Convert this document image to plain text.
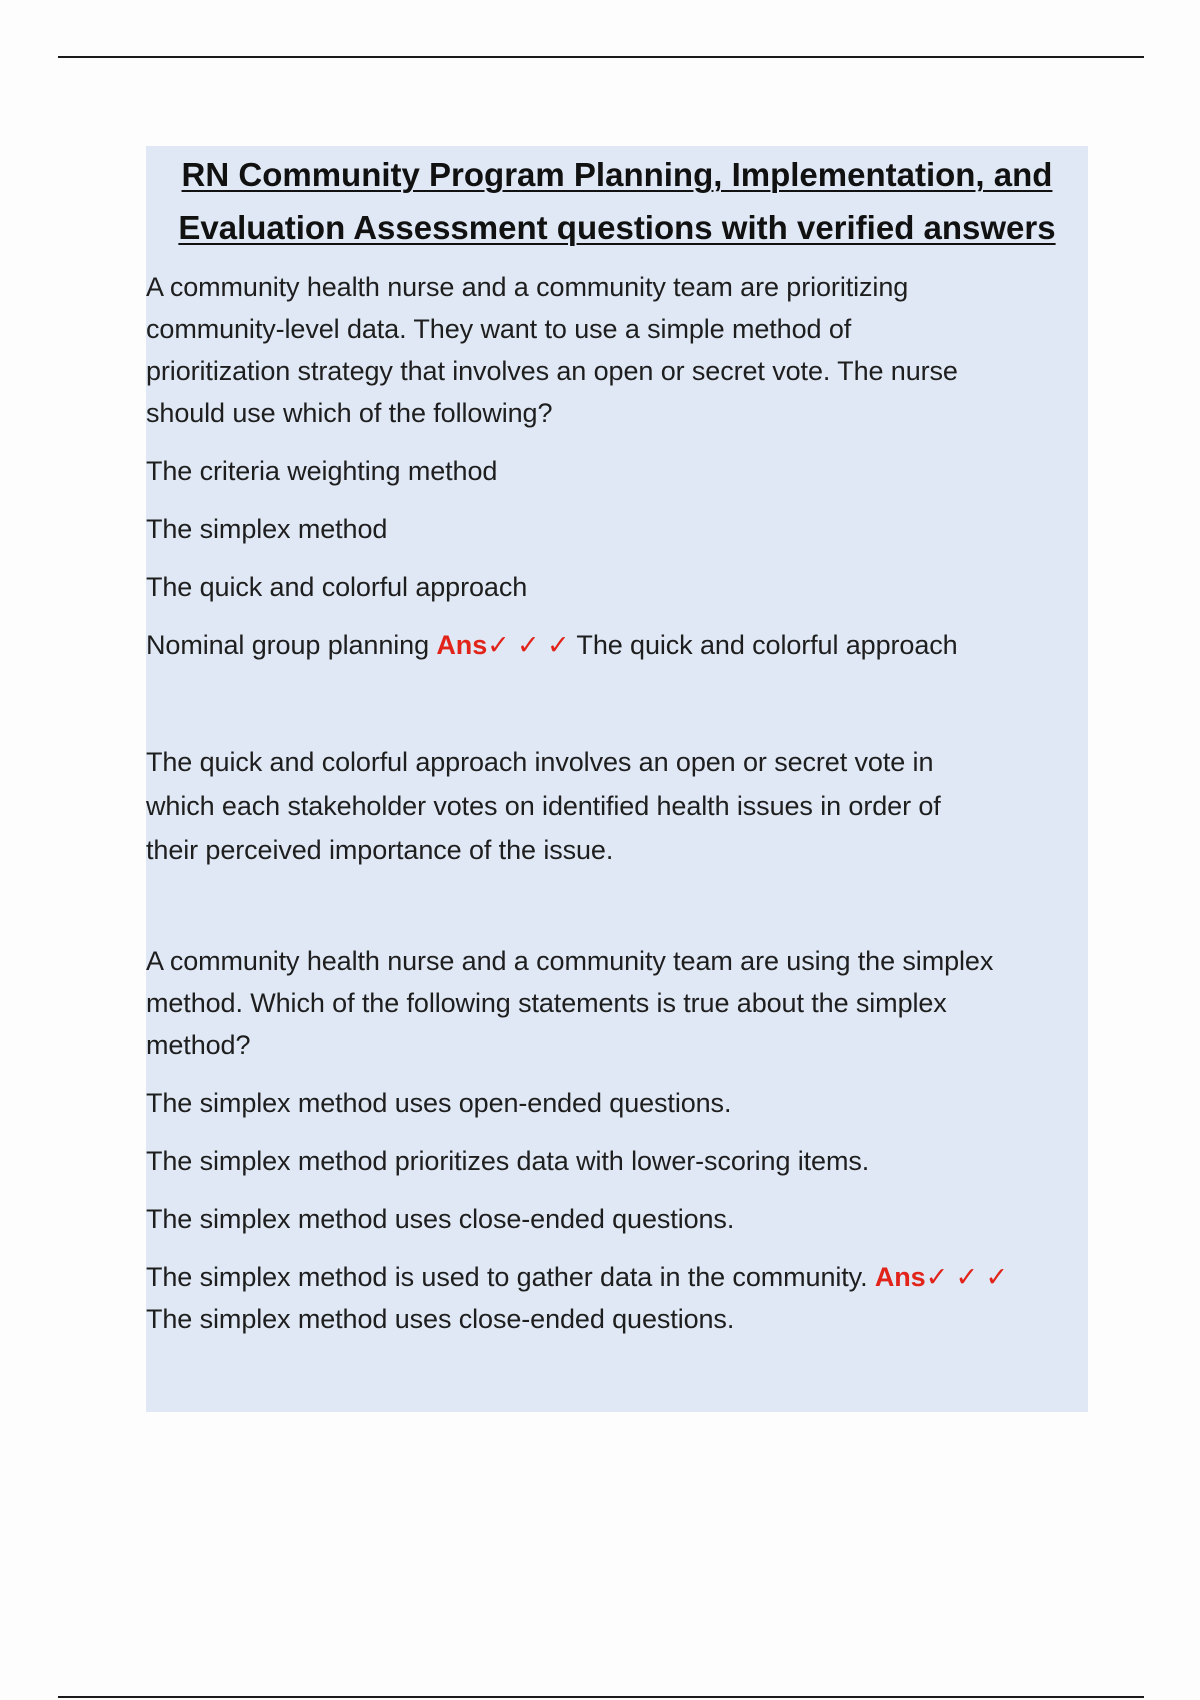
RN Community Program Planning, Implementation, and
Evaluation Assessment questions with verified answers

A community health nurse and a community team are prioritizing
community-level data. They want to use a simple method of
prioritization strategy that involves an open or secret vote. The nurse
should use which of the following?

The criteria weighting method

The simplex method

The quick and colorful approach

Nominal group planning Ans✓ ✓ ✓ The quick and colorful approach

The quick and colorful approach involves an open or secret vote in
which each stakeholder votes on identified health issues in order of
their perceived importance of the issue.

A community health nurse and a community team are using the simplex
method. Which of the following statements is true about the simplex
method?

The simplex method uses open-ended questions.

The simplex method prioritizes data with lower-scoring items.

The simplex method uses close-ended questions.

The simplex method is used to gather data in the community. Ans✓ ✓ ✓
The simplex method uses close-ended questions.
